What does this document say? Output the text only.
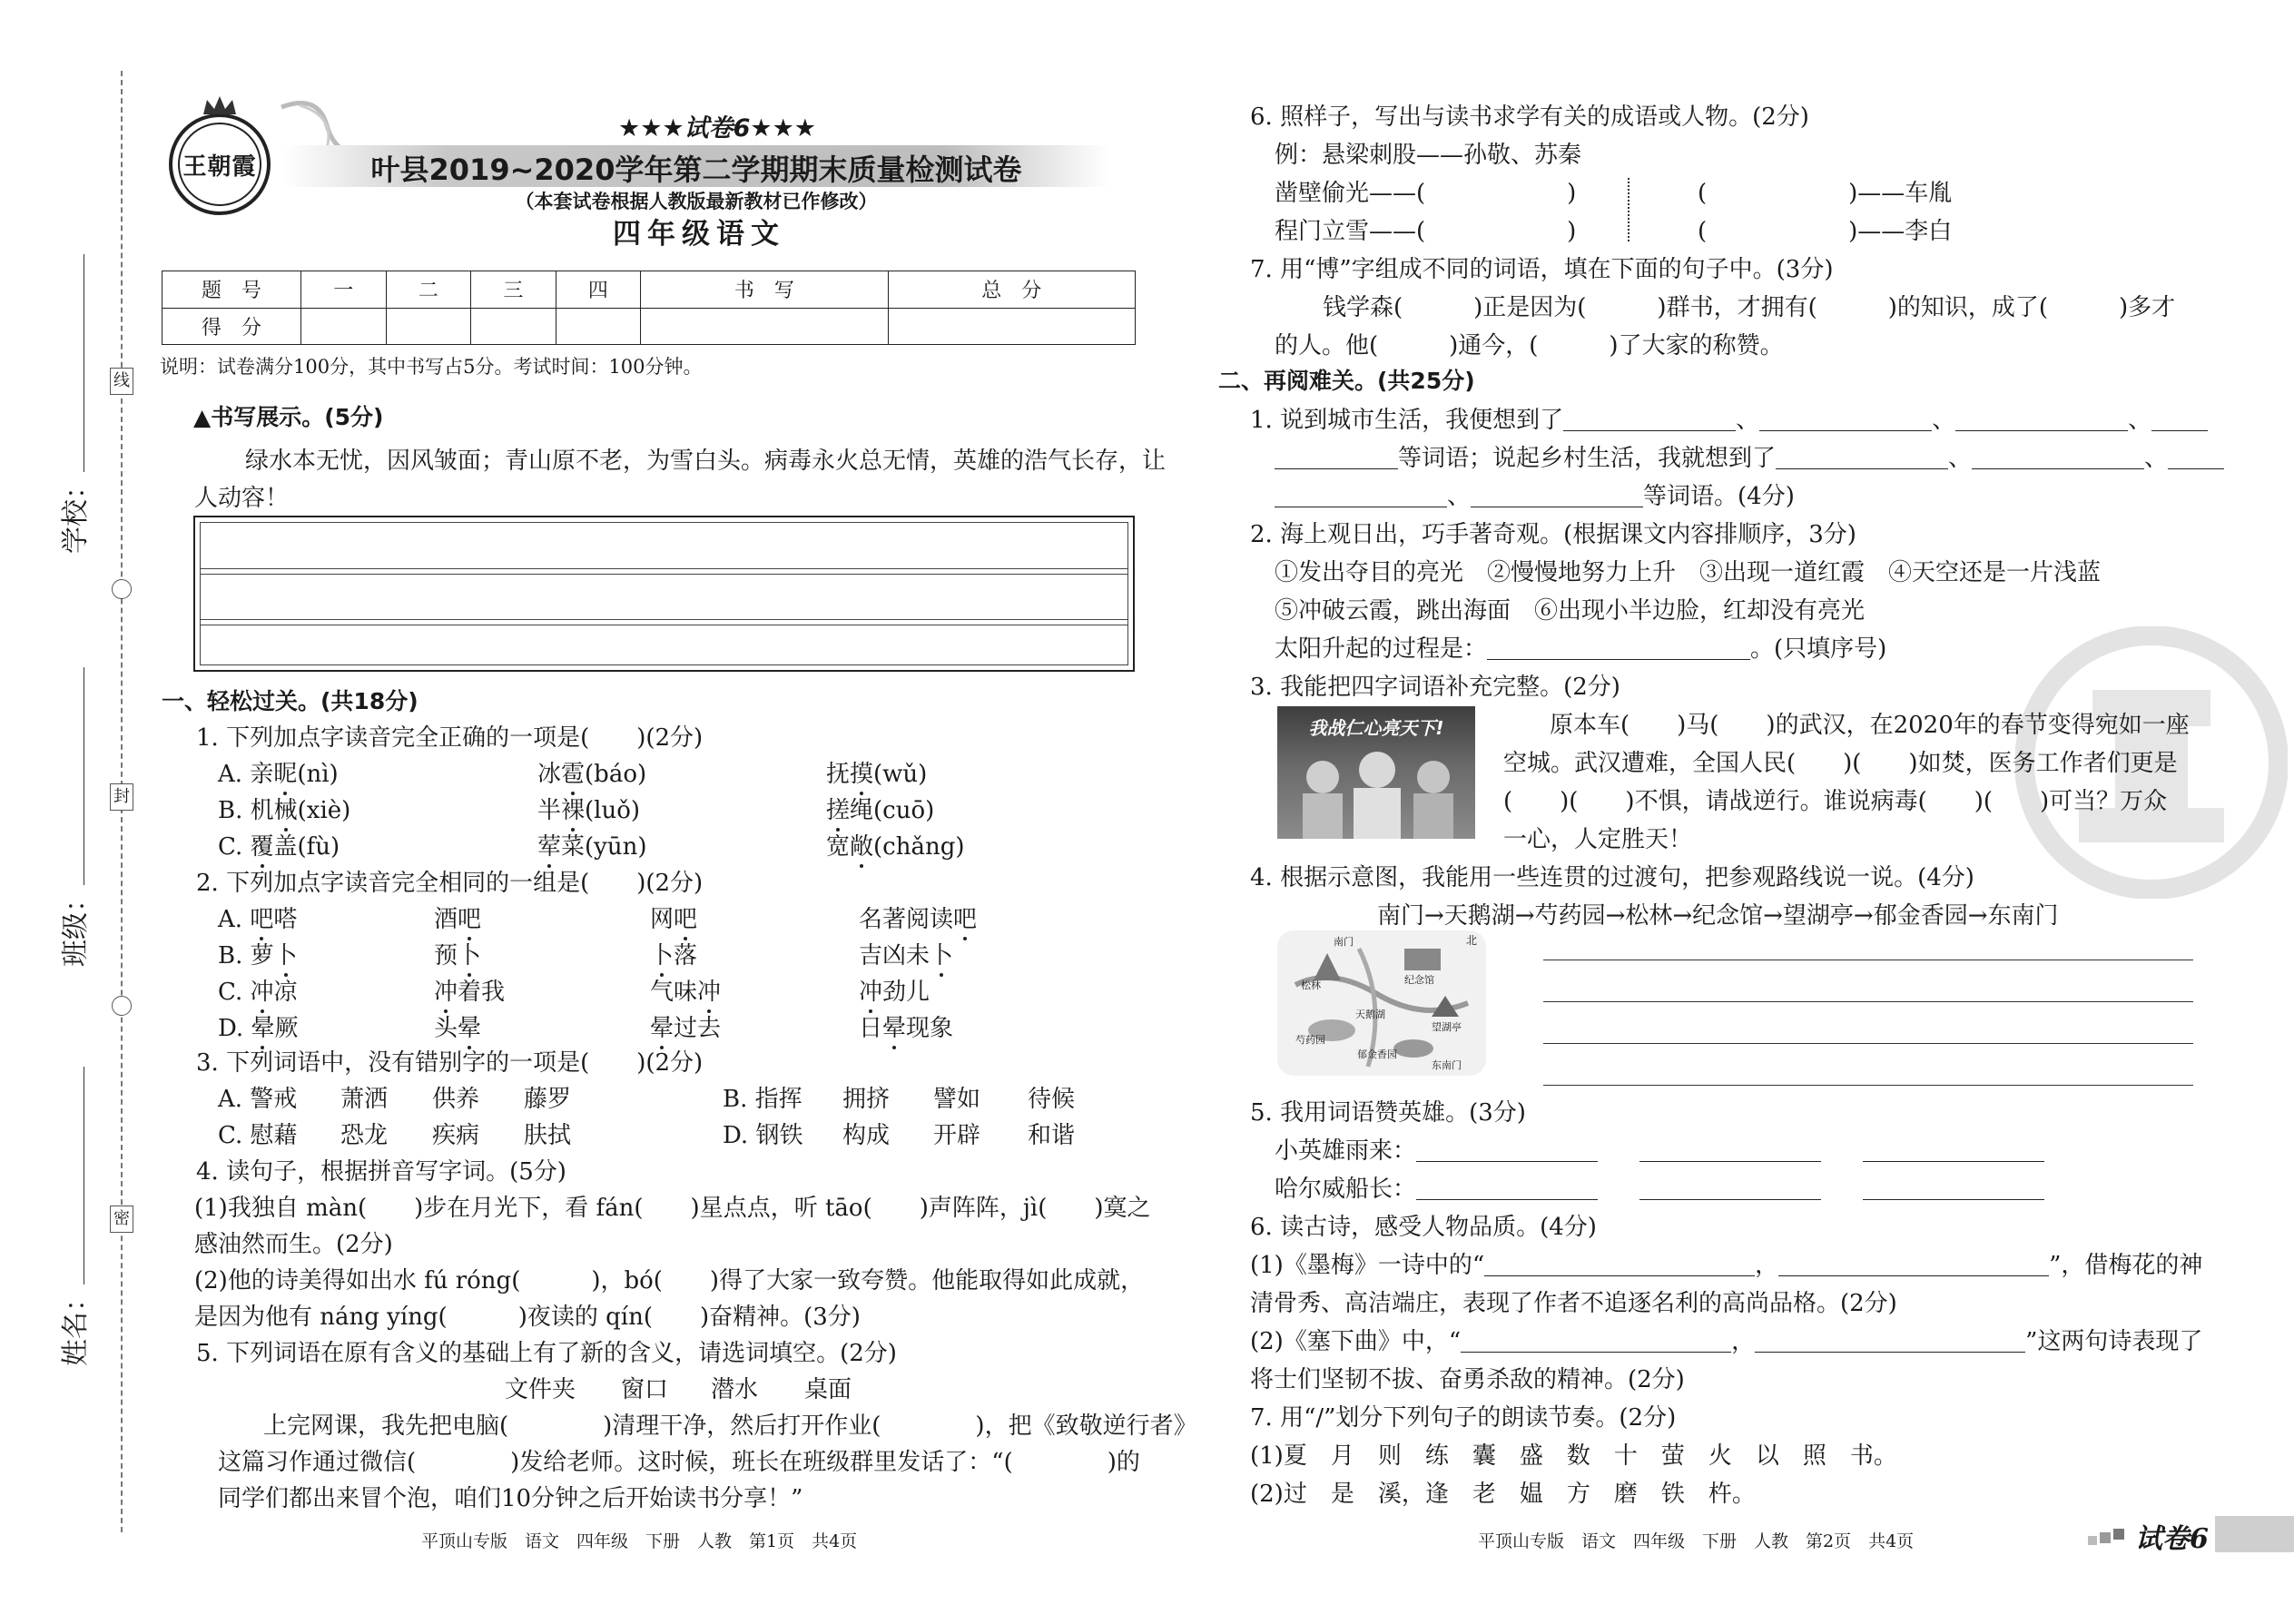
线
封
密
学校：
班级：
姓名：
王朝霞
★★★试卷6★★★
叶县2019~2020学年第二学期期末质量检测试卷
（本套试卷根据人教版最新教材已作修改）
四年级语文
题　号	一	二	三	四	书　写	总　分
得　分						
说明：试卷满分100分，其中书写占5分。考试时间：100分钟。
▲书写展示。(5分)
绿水本无忧，因风皱面；青山原不老，为雪白头。病毒永火总无情，英雄的浩气长存，让
人动容！
一、轻松过关。(共18分)
1. 下列加点字读音完全正确的一项是(　　)(2分)
A. 亲昵(nì)	冰雹(báo)	抚摸(wǔ)
B. 机械(xiè)	半裸(luǒ)	搓绳(cuō)
C. 覆盖(fù)	荤菜(yūn)	宽敞(chǎng)
2. 下列加点字读音完全相同的一组是(　　)(2分)
A. 吧嗒	酒吧	网吧	名著阅读吧
B. 萝卜	预卜	卜落	吉凶未卜
C. 冲凉	冲着我	气味冲	冲劲儿
D. 晕厥	头晕	晕过去	日晕现象
3. 下列词语中，没有错别字的一项是(　　)(2分)
A. 警戒 萧洒 供养 藤罗	B. 指挥 拥挤 譬如 待候
C. 慰藉 恐龙 疾病 肤拭	D. 钢铁 构成 开辟 和谐
4. 读句子，根据拼音写字词。(5分)
(1)我独自 màn(　　)步在月光下，看 fán(　　)星点点，听 tāo(　　)声阵阵，jì(　　)寞之
感油然而生。(2分)
(2)他的诗美得如出水 fú róng(　　　)，bó(　　)得了大家一致夸赞。他能取得如此成就，
是因为他有 náng yíng(　　　)夜读的 qín(　　)奋精神。(3分)
5. 下列词语在原有含义的基础上有了新的含义，请选词填空。(2分)
文件夹 窗口 潜水 桌面
上完网课，我先把电脑(　　　　)清理干净，然后打开作业(　　　　)，把《致敬逆行者》
这篇习作通过微信(　　　　)发给老师。这时候，班长在班级群里发话了：“(　　　　)的
同学们都出来冒个泡，咱们10分钟之后开始读书分享！”
平顶山专版　语文　四年级　下册　人教　第1页　共4页
6. 照样子，写出与读书求学有关的成语或人物。(2分)
例：悬梁刺股——孙敬、苏秦
凿壁偷光——(　　　　　　)
程门立雪——(　　　　　　)
(　　　　　　)——车胤
(　　　　　　)——李白
7. 用“博”字组成不同的词语，填在下面的句子中。(3分)
钱学森(　　　)正是因为(　　　)群书，才拥有(　　　)的知识，成了(　　　)多才
的人。他(　　　)通今，(　　　)了大家的称赞。
二、再阅难关。(共25分)
1. 说到城市生活，我便想到了	、	、	、
等词语；说起乡村生活，我就想到了	、	、
、	等词语。(4分)
2. 海上观日出，巧手著奇观。(根据课文内容排顺序，3分)
①发出夺目的亮光　②慢慢地努力上升　③出现一道红霞　④天空还是一片浅蓝
⑤冲破云霞，跳出海面　⑥出现小半边脸，红却没有亮光
太阳升起的过程是：	。(只填序号)
3. 我能把四字词语补充完整。(2分)
我战仁心亮天下!	原本车(　　)马(　　)的武汉，在2020年的春节变得宛如一座
空城。武汉遭难，全国人民(　　)(　　)如焚，医务工作者们更是
(　　)(　　)不惧，请战逆行。谁说病毒(　　)(　　)可当？万众
一心，人定胜天！
4. 根据示意图，我能用一些连贯的过渡句，把参观路线说一说。(4分)
南门→天鹅湖→芍药园→松林→纪念馆→望湖亭→郁金香园→东南门
南门
松林	纪念馆
天鹅湖
望湖亭
芍药园
郁金香园
东南门
北
5. 我用词语赞英雄。(3分)
小英雄雨来：
哈尔威船长：
6. 读古诗，感受人物品质。(4分)
(1)《墨梅》一诗中的“	，	”，借梅花的神
清骨秀、高洁端庄，表现了作者不追逐名利的高尚品格。(2分)
(2)《塞下曲》中，“	，	”这两句诗表现了
将士们坚韧不拔、奋勇杀敌的精神。(2分)
7. 用“/”划分下列句子的朗读节奏。(2分)
(1)夏　月　则　练　囊　盛　数　十　萤　火　以　照　书。
(2)过　是　溪，逢　老　媪　方　磨　铁　杵。
平顶山专版　语文　四年级　下册　人教　第2页　共4页	试卷6
